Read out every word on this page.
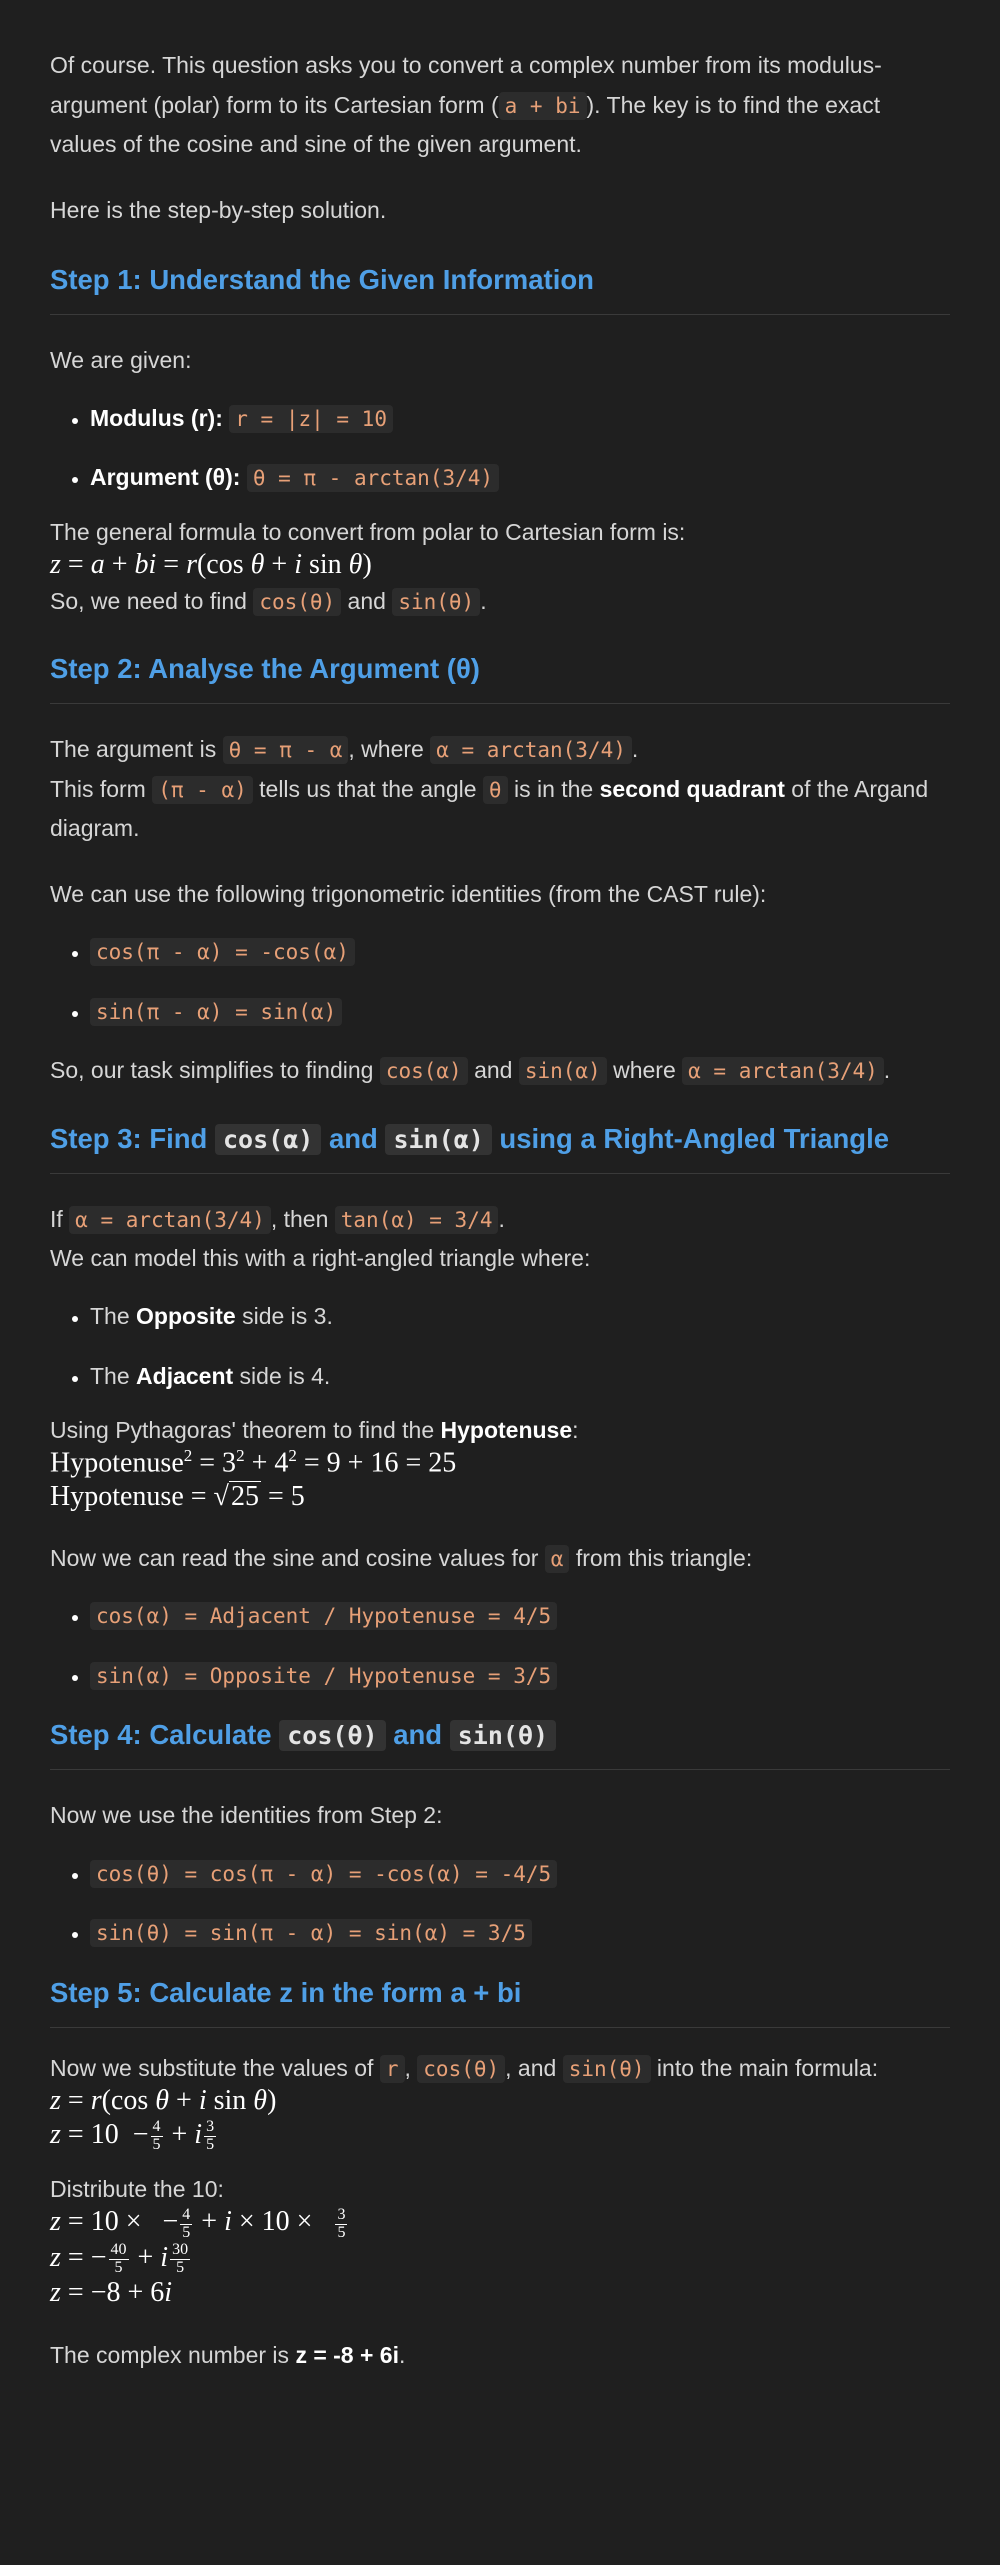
Of course. This question asks you to convert a complex number from its modulus-argument (polar) form to its Cartesian form ( a + bi ). The key is to find the exact values of the cosine and sine of the given argument.

Here is the step-by-step solution.

Step 1: Understand the Given Information

We are given:

• Modulus (r): r = |z| = 10
• Argument (θ): θ = π - arctan(3/4)

The general formula to convert from polar to Cartesian form is:

z = a + bi = r(cos θ + i sin θ)

So, we need to find cos(θ) and sin(θ) .

Step 2: Analyse the Argument (θ)

The argument is θ = π - α , where α = arctan(3/4) .

This form (π - α) tells us that the angle θ is in the second quadrant of the Argand diagram.

We can use the following trigonometric identities (from the CAST rule):

• cos(π - α) = -cos(α)
• sin(π - α) = sin(α)

So, our task simplifies to finding cos(α) and sin(α) where α = arctan(3/4) .

Step 3: Find cos(α) and sin(α) using a Right-Angled Triangle

If α = arctan(3/4) , then tan(α) = 3/4 .

We can model this with a right-angled triangle where:

• The Opposite side is 3.
• The Adjacent side is 4.

Using Pythagoras' theorem to find the Hypotenuse:

Hypotenuse$^2$ = $3^2 + 4^2 = 9 + 16 = 25$
Hypotenuse = √25 = 5

Now we can read the sine and cosine values for α from this triangle:

• cos(α) = Adjacent / Hypotenuse = 4/5
• sin(α) = Opposite / Hypotenuse = 3/5
Step 4: Calculate cos(θ) and sin(θ)

Now we use the identities from Step 2:

• cos(θ) = cos(π - α) = -cos(α) = -4/5
• sin(θ) = sin(π - α) = sin(α) = 3/5
Step 5: Calculate z in the form a + bi

Now we substitute the values of r , cos(θ) , and sin(θ) into the main formula:

z = r(cos θ + i sin θ)
$z = 10 - \frac{4}{5} + i \frac{3}{5}$

Distribute the 10:

z = 10 × − $\frac{4}{5} + i \times 10 \times \frac{3}{5}$
z = − $\frac{40}{5} + i \frac{30}{5}$
z = −8 + 6i

The complex number is z = -8 + 6i.
